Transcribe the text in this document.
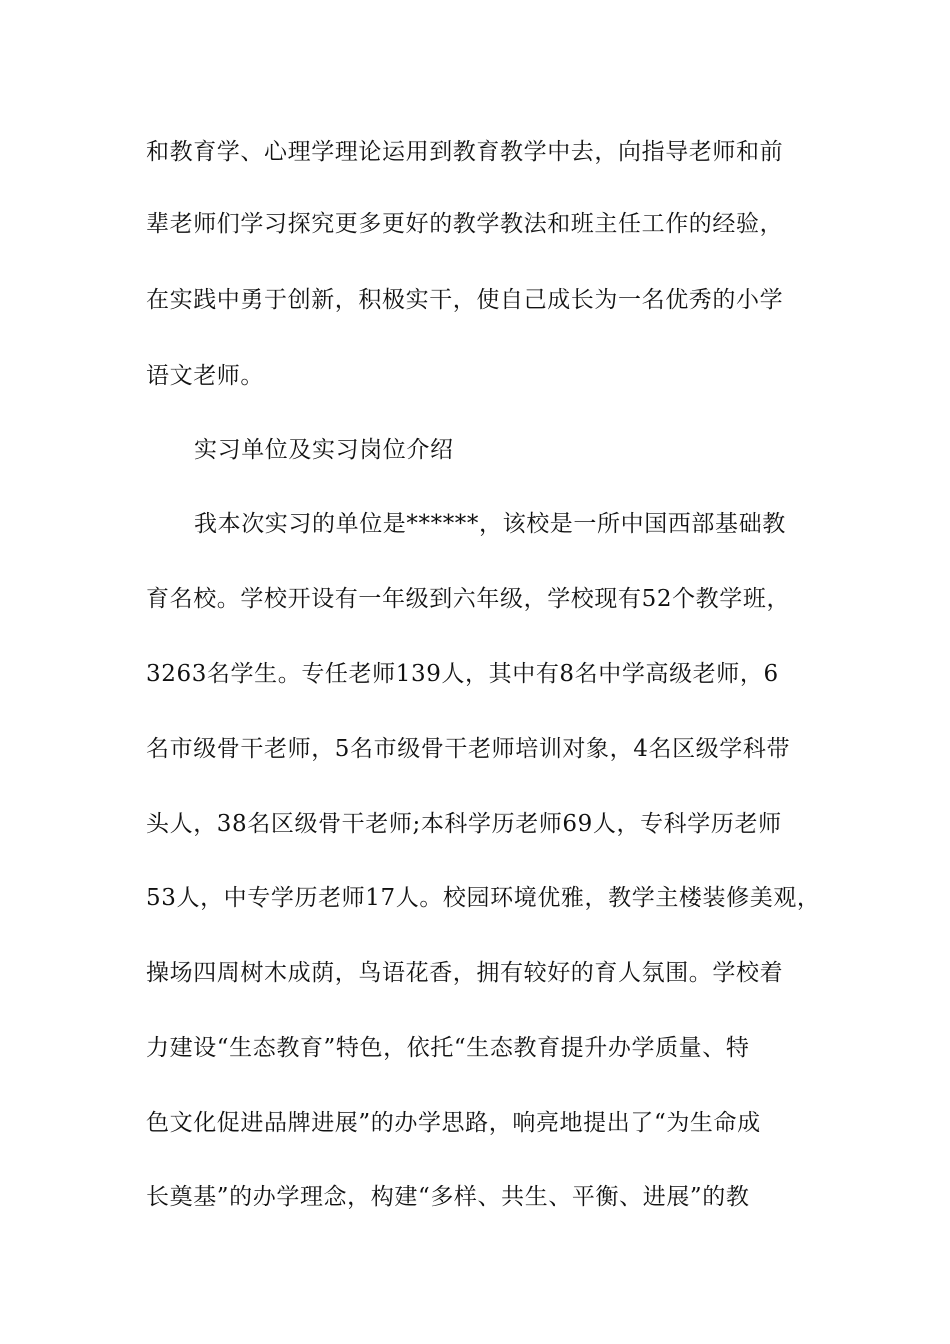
和教育学、心理学理论运用到教育教学中去，向指导老师和前
辈老师们学习探究更多更好的教学教法和班主任工作的经验，
在实践中勇于创新，积极实干，使自己成长为一名优秀的小学
语文老师。
实习单位及实习岗位介绍
我本次实习的单位是******，该校是一所中国西部基础教
育名校。学校开设有一年级到六年级，学校现有52个教学班，
3263名学生。专任老师139人，其中有8名中学高级老师，6
名市级骨干老师，5名市级骨干老师培训对象，4名区级学科带
头人，38名区级骨干老师;本科学历老师69人，专科学历老师
53人，中专学历老师17人。校园环境优雅，教学主楼装修美观，
操场四周树木成荫，鸟语花香，拥有较好的育人氛围。学校着
力建设“生态教育”特色，依托“生态教育提升办学质量、特
色文化促进品牌进展”的办学思路，响亮地提出了“为生命成
长奠基”的办学理念，构建“多样、共生、平衡、进展”的教
